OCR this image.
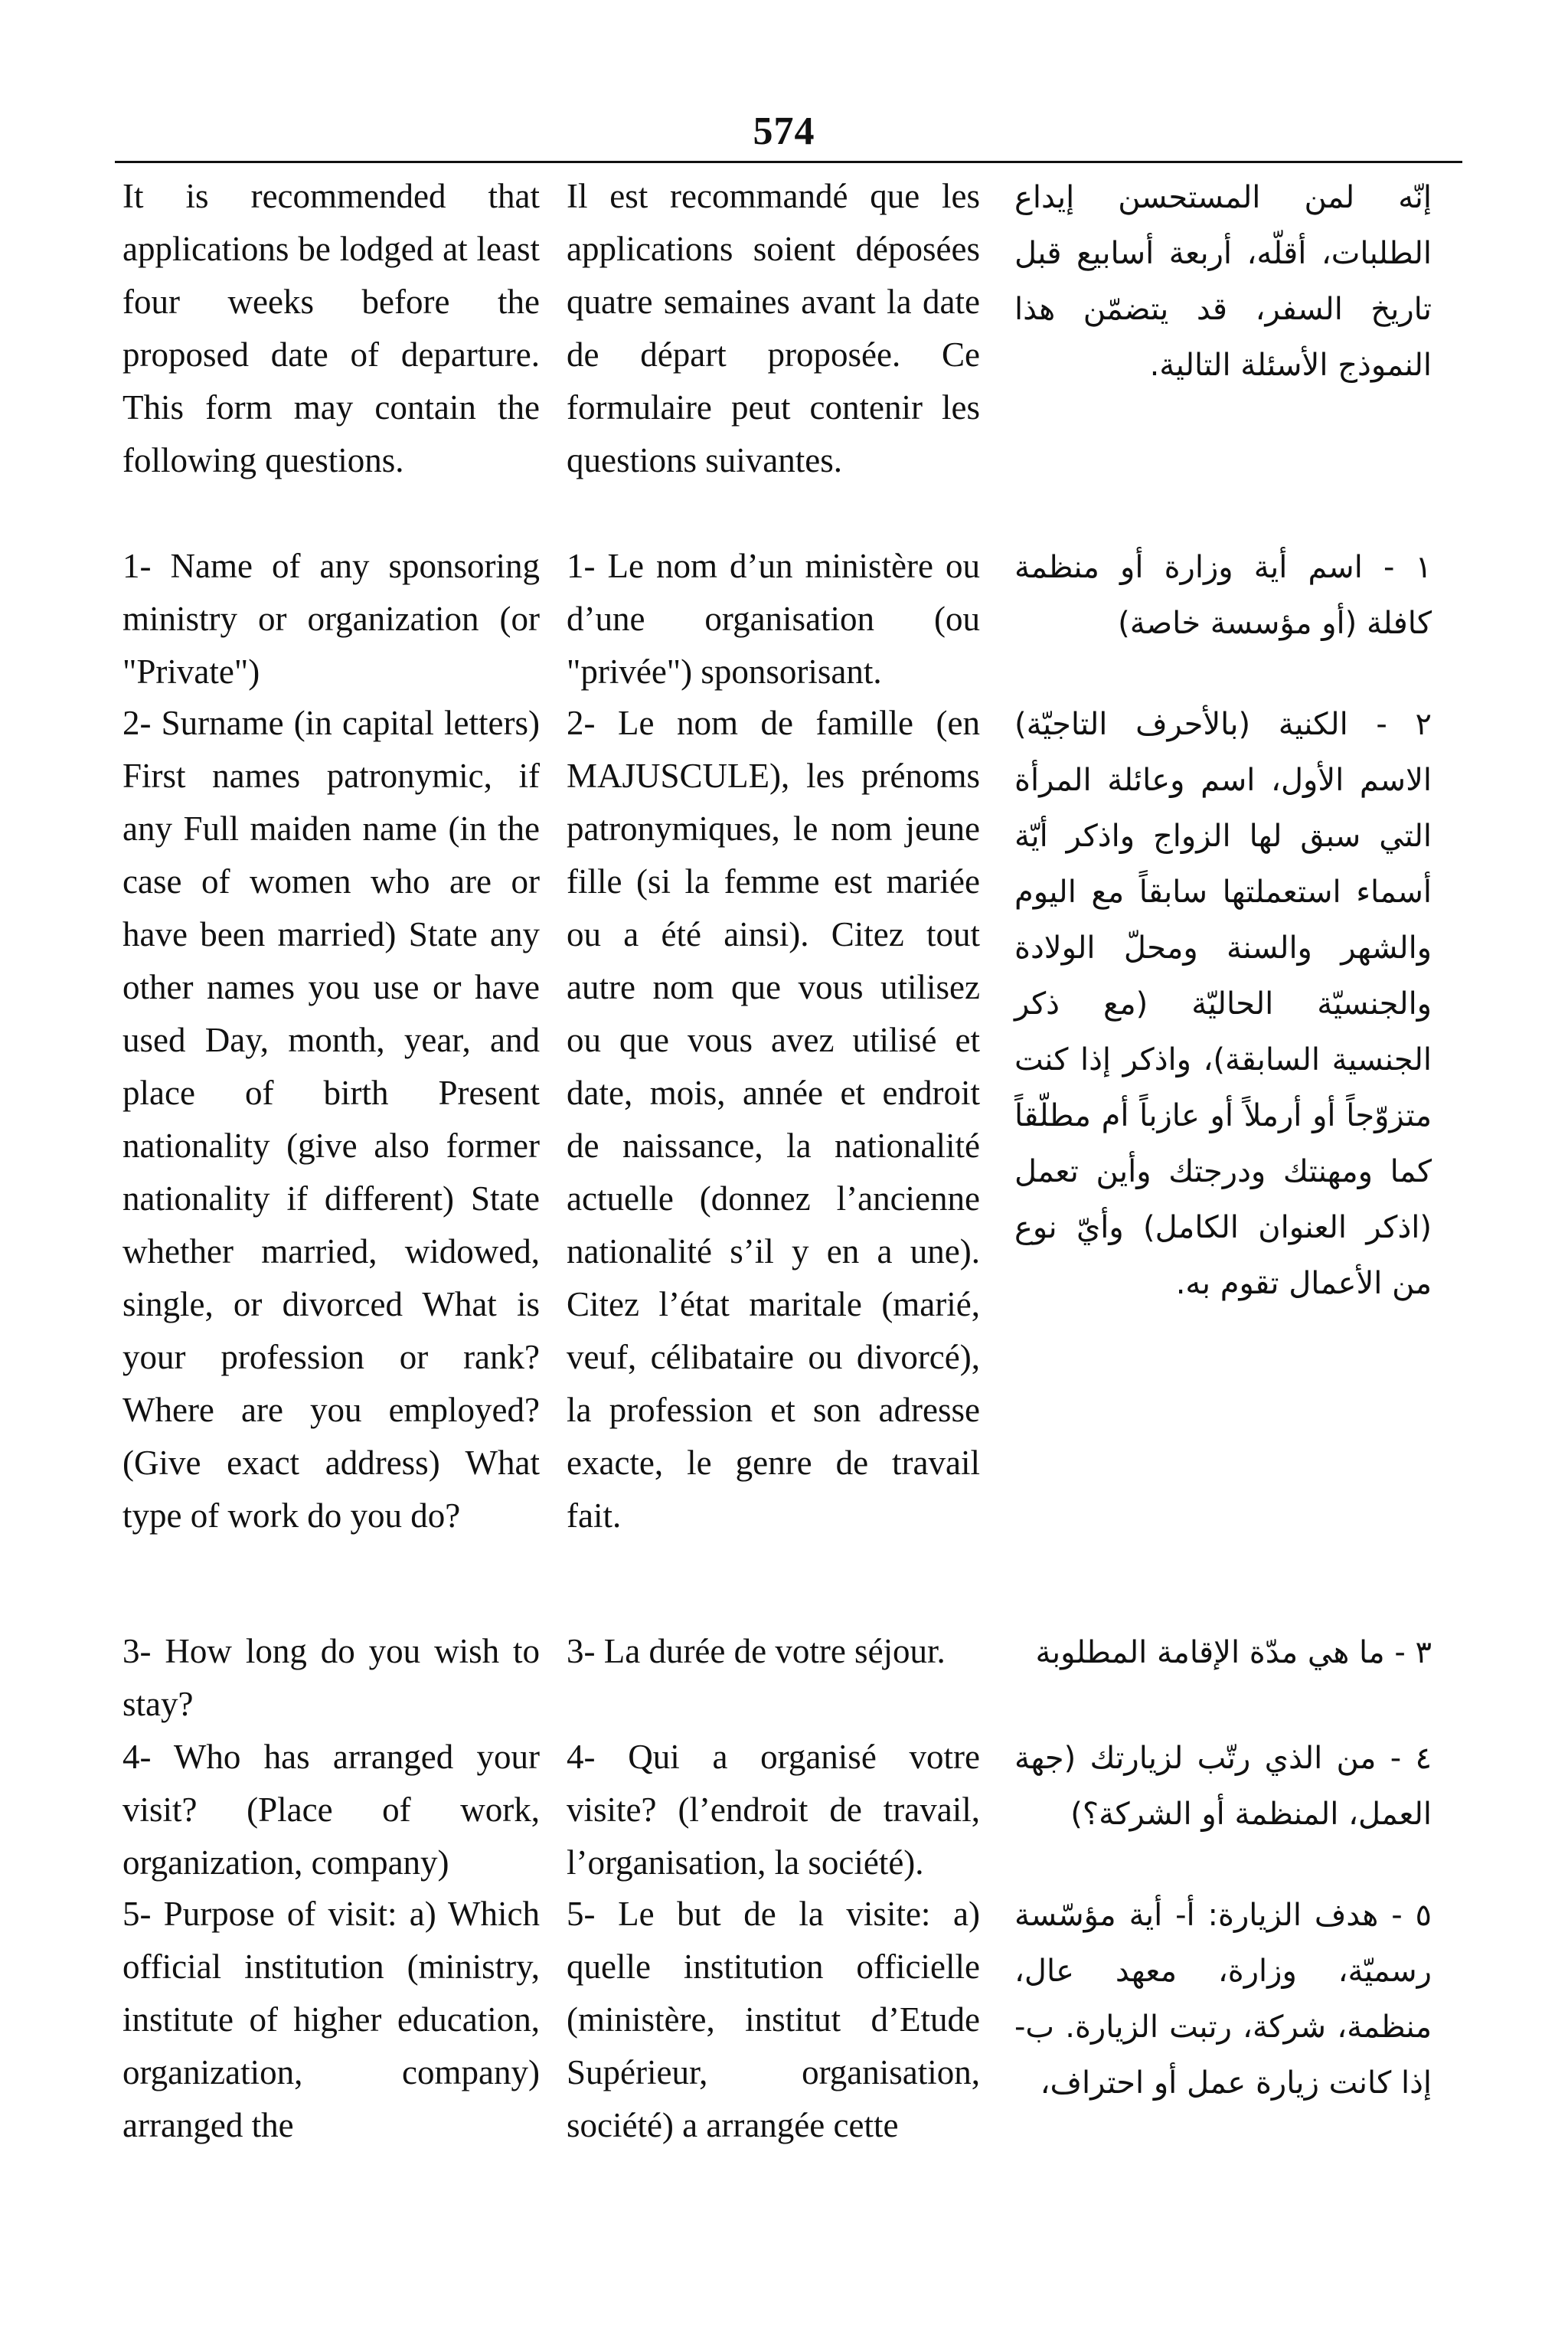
574
It is recommended that applications be lodged at least four weeks before the proposed date of departure. This form may contain the following questions.
Il est recommandé que les applications soient déposées quatre semaines avant la date de départ proposée. Ce formulaire peut contenir les questions suivantes.
إنّه لمن المستحسن إيداع الطلبات، أقلّه، أربعة أسابيع قبل تاريخ السفر، قد يتضمّن هذا النموذج الأسئلة التالية.
1- Name of any sponsoring ministry or organization (or "Private")
1- Le nom d’un ministère ou d’une organisation (ou "privée") sponsorisant.
١ - اسم أية وزارة أو منظمة كافلة (أو مؤسسة خاصة)
2- Surname (in capital letters) First names patronymic, if any Full maiden name (in the case of women who are or have been married) State any other names you use or have used Day, month, year, and place of birth Present nationality (give also former nationality if different) State whether married, widowed, single, or divorced What is your profession or rank? Where are you employed? (Give exact address) What type of work do you do?
2- Le nom de famille (en MAJUSCULE), les prénoms patronymiques, le nom jeune fille (si la femme est mariée ou a été ainsi). Citez tout autre nom que vous utilisez ou que vous avez utilisé et date, mois, année et endroit de naissance, la nationalité actuelle (donnez l’ancienne nationalité s’il y en a une). Citez l’état maritale (marié, veuf, célibataire ou divorcé), la profession et son adresse exacte, le genre de travail fait.
٢ - الكنية (بالأحرف التاجيّة) الاسم الأول، اسم وعائلة المرأة التي سبق لها الزواج واذكر أيّة أسماء استعملتها سابقاً مع اليوم والشهر والسنة ومحلّ الولادة والجنسيّة الحاليّة (مع ذكر الجنسية السابقة)، واذكر إذا كنت متزوّجاً أو أرملاً أو عازباً أم مطلّقاً كما ومهنتك ودرجتك وأين تعمل (اذكر العنوان الكامل) وأيّ نوع من الأعمال تقوم به.
3- How long do you wish to stay?
3- La durée de votre séjour.	٣ - ما هي مدّة الإقامة المطلوبة
4- Who has arranged your visit? (Place of work, organization, company)
4- Qui a organisé votre visite? (l’endroit de travail, l’organisation, la société).
٤ - من الذي رتّب لزيارتك (جهة العمل، المنظمة أو الشركة؟)
5- Purpose of visit: a) Which official institution (ministry, institute of higher education, organization, company) arranged the
5- Le but de la visite: a) quelle institution officielle (ministère, institut d’Etude Supérieur, organisation, société) a arrangée cette
٥ - هدف الزيارة: أ- أية مؤسّسة رسميّة، وزارة، معهد عال، منظمة، شركة، رتبت الزيارة. ب- إذا كانت زيارة عمل أو احتراف،
